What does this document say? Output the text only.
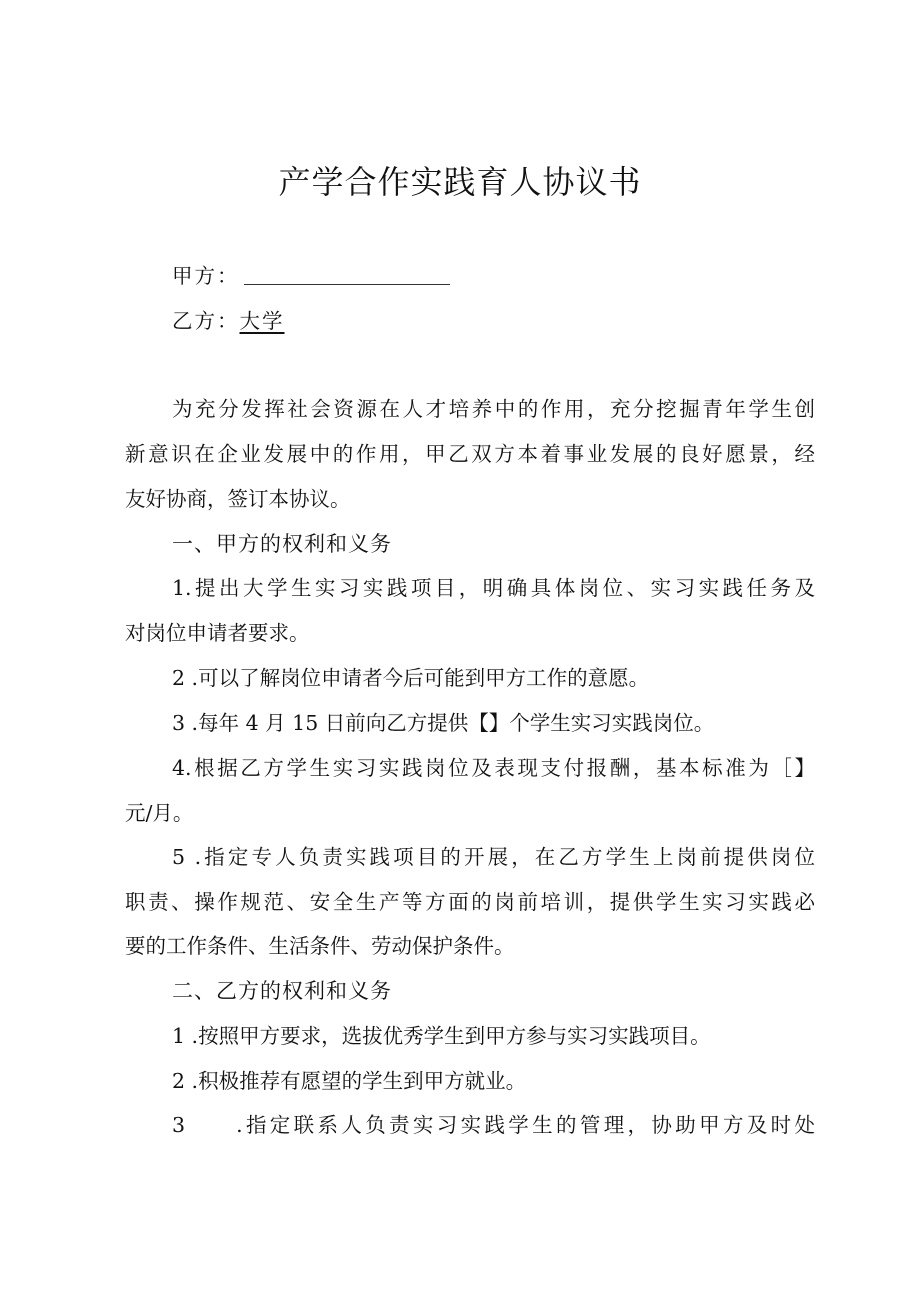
产学合作实践育人协议书
甲方：
乙方：大学
为充分发挥社会资源在人才培养中的作用，充分挖掘青年学生创
新意识在企业发展中的作用，甲乙双方本着事业发展的良好愿景，经
友好协商，签订本协议。
一、甲方的权利和义务
1.提出大学生实习实践项目，明确具体岗位、实习实践任务及
对岗位申请者要求。
2 .可以了解岗位申请者今后可能到甲方工作的意愿。
3 .每年 4 月 15 日前向乙方提供【】个学生实习实践岗位。
4.根据乙方学生实习实践岗位及表现支付报酬，基本标准为［】
元/月。
5 .指定专人负责实践项目的开展，在乙方学生上岗前提供岗位
职责、操作规范、安全生产等方面的岗前培训，提供学生实习实践必
要的工作条件、生活条件、劳动保护条件。
二、乙方的权利和义务
1 .按照甲方要求，选拔优秀学生到甲方参与实习实践项目。
2 .积极推荐有愿望的学生到甲方就业。
3　　.指定联系人负责实习实践学生的管理，协助甲方及时处
